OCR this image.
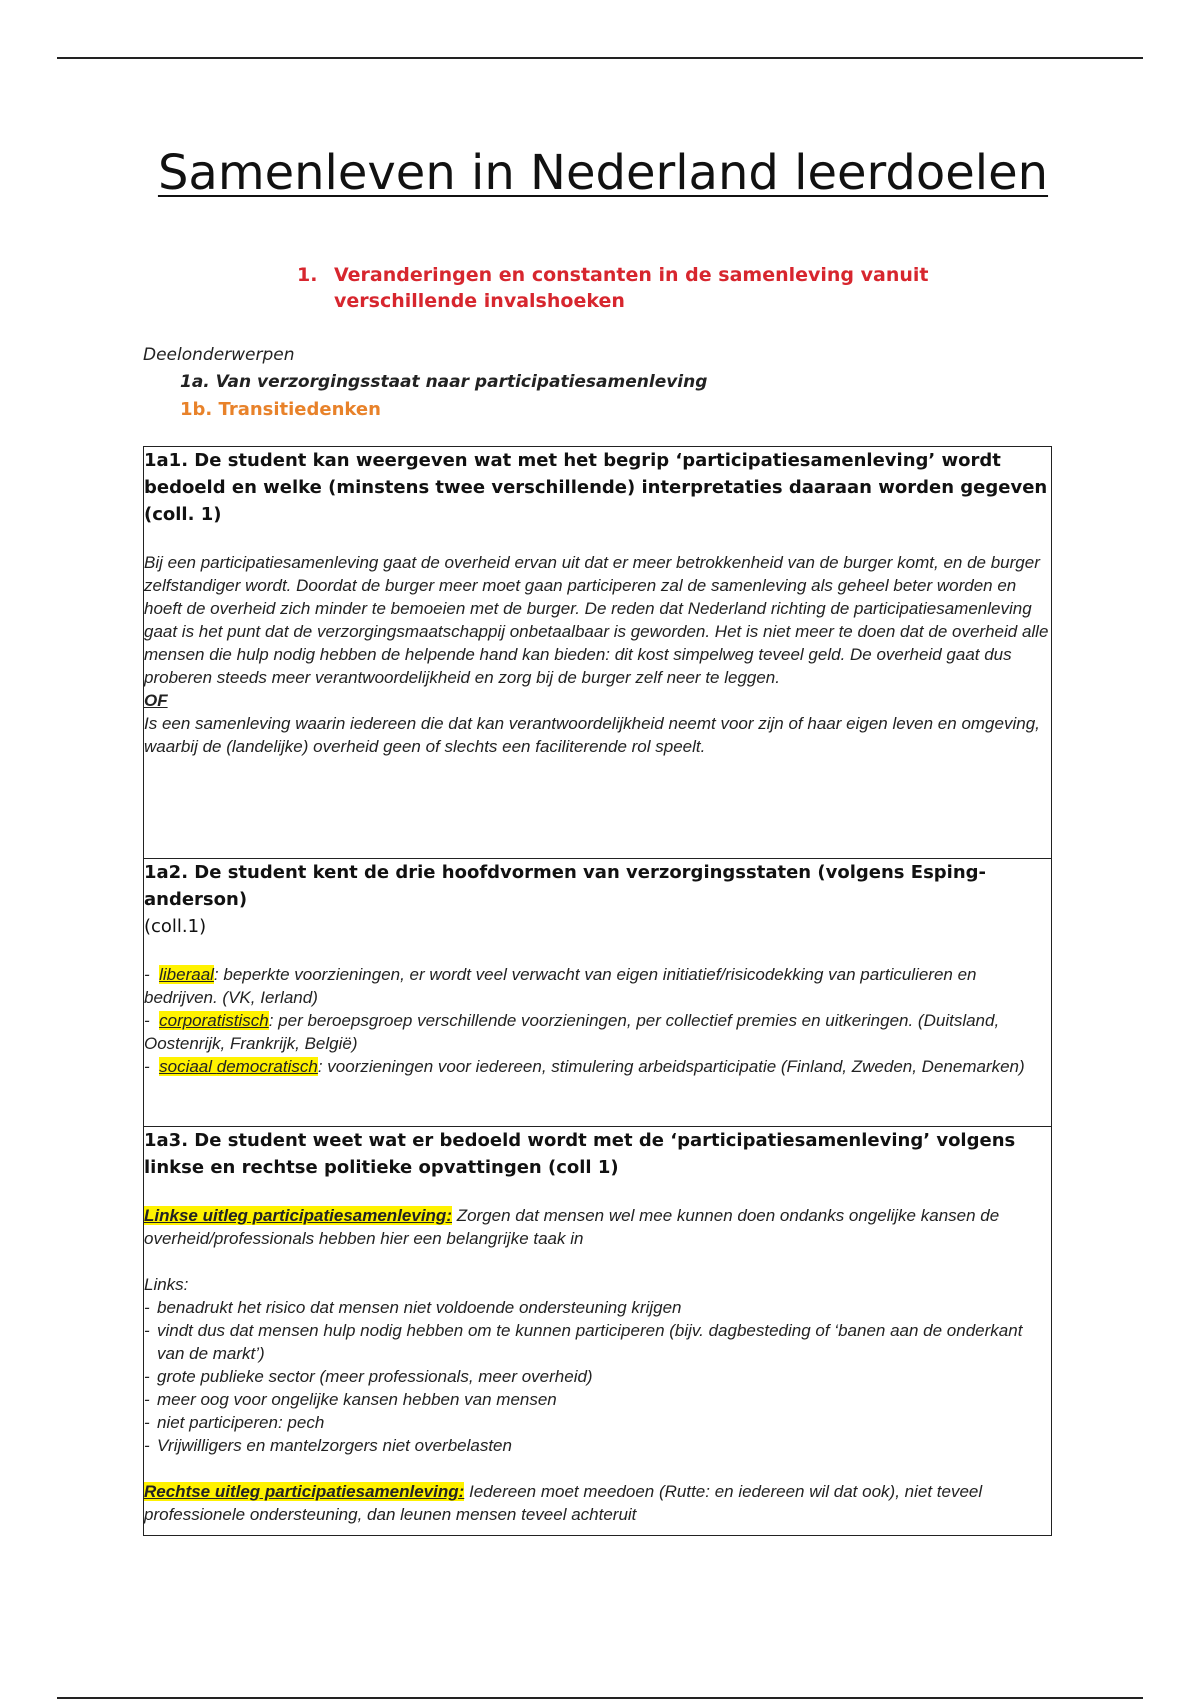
Samenleven in Nederland leerdoelen
1. Veranderingen en constanten in de samenleving vanuit verschillende invalshoeken
Deelonderwerpen
1a. Van verzorgingsstaat naar participatiesamenleving
1b. Transitiedenken

1a1. De student kan weergeven wat met het begrip ‘participatiesamenleving’ wordt bedoeld en welke (minstens twee verschillende) interpretaties daaraan worden gegeven (coll. 1)

Bij een participatiesamenleving gaat de overheid ervan uit dat er meer betrokkenheid van de burger komt, en de burger zelfstandiger wordt. Doordat de burger meer moet gaan participeren zal de samenleving als geheel beter worden en hoeft de overheid zich minder te bemoeien met de burger. De reden dat Nederland richting de participatiesamenleving gaat is het punt dat de verzorgingsmaatschappij onbetaalbaar is geworden. Het is niet meer te doen dat de overheid alle mensen die hulp nodig hebben de helpende hand kan bieden: dit kost simpelweg teveel geld. De overheid gaat dus proberen steeds meer verantwoordelijkheid en zorg bij de burger zelf neer te leggen.

OF

Is een samenleving waarin iedereen die dat kan verantwoordelijkheid neemt voor zijn of haar eigen leven en omgeving, waarbij de (landelijke) overheid geen of slechts een faciliterende rol speelt.

1a2. De student kent de drie hoofdvormen van verzorgingsstaten (volgens Esping-anderson)
(coll.1)

-  liberaal: beperkte voorzieningen, er wordt veel verwacht van eigen initiatief/risicodekking van particulieren en bedrijven. (VK, Ierland)

-  corporatistisch: per beroepsgroep verschillende voorzieningen, per collectief premies en uitkeringen. (Duitsland, Oostenrijk, Frankrijk, België)

-  sociaal democratisch: voorzieningen voor iedereen, stimulering arbeidsparticipatie (Finland, Zweden, Denemarken)

1a3. De student weet wat er bedoeld wordt met de ‘participatiesamenleving’ volgens linkse en rechtse politieke opvattingen (coll 1)

Linkse uitleg participatiesamenleving: Zorgen dat mensen wel mee kunnen doen ondanks ongelijke kansen de overheid/professionals hebben hier een belangrijke taak in

Links:

- benadrukt het risico dat mensen niet voldoende ondersteuning krijgen
- vindt dus dat mensen hulp nodig hebben om te kunnen participeren (bijv. dagbesteding of ‘banen aan de onderkant van de markt’)
- grote publieke sector (meer professionals, meer overheid)
- meer oog voor ongelijke kansen hebben van mensen
- niet participeren: pech
- Vrijwilligers en mantelzorgers niet overbelasten

Rechtse uitleg participatiesamenleving: Iedereen moet meedoen (Rutte: en iedereen wil dat ook), niet teveel professionele ondersteuning, dan leunen mensen teveel achteruit
